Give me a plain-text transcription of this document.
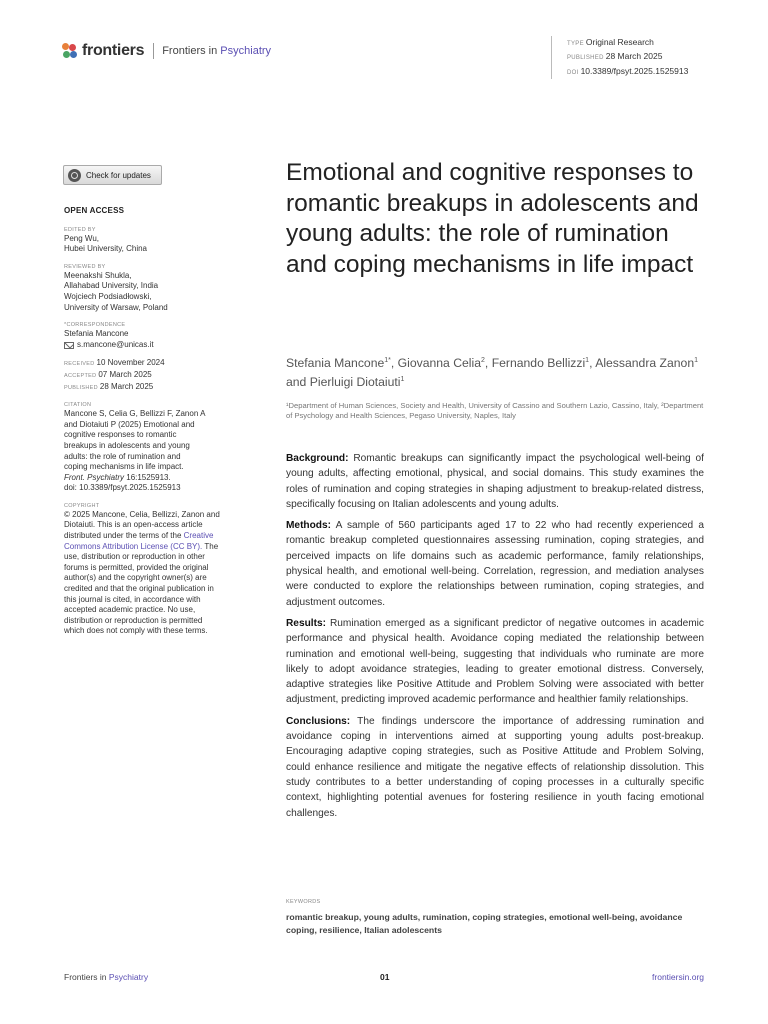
frontiers Frontiers in Psychiatry
TYPE Original Research
PUBLISHED 28 March 2025
DOI 10.3389/fpsyt.2025.1525913
Check for updates
OPEN ACCESS
EDITED BY
Peng Wu,
Hubei University, China
REVIEWED BY
Meenakshi Shukla,
Allahabad University, India
Wojciech Podsiadłowski,
University of Warsaw, Poland
*CORRESPONDENCE
Stefania Mancone
s.mancone@unicas.it
RECEIVED 10 November 2024
ACCEPTED 07 March 2025
PUBLISHED 28 March 2025
CITATION
Mancone S, Celia G, Bellizzi F, Zanon A
and Diotaiuti P (2025) Emotional and
cognitive responses to romantic
breakups in adolescents and young
adults: the role of rumination and
coping mechanisms in life impact.
Front. Psychiatry 16:1525913.
doi: 10.3389/fpsyt.2025.1525913
COPYRIGHT
© 2025 Mancone, Celia, Bellizzi, Zanon and
Diotaiuti. This is an open-access article
distributed under the terms of the Creative
Commons Attribution License (CC BY). The
use, distribution or reproduction in other
forums is permitted, provided the original
author(s) and the copyright owner(s) are
credited and that the original publication in
this journal is cited, in accordance with
accepted academic practice. No use,
distribution or reproduction is permitted
which does not comply with these terms.
Emotional and cognitive responses to romantic breakups in adolescents and young adults: the role of rumination and coping mechanisms in life impact
Stefania Mancone$^{1*}$, Giovanna Celia$^2$, Fernando Bellizzi$^1$, Alessandra Zanon$^1$ and Pierluigi Diotaiuti$^1$
¹Department of Human Sciences, Society and Health, University of Cassino and Southern Lazio, Cassino, Italy, ²Department of Psychology and Health Sciences, Pegaso University, Naples, Italy

Background: Romantic breakups can significantly impact the psychological well-being of young adults, affecting emotional, physical, and social domains. This study examines the roles of rumination and coping strategies in shaping adjustment to breakup-related distress, specifically focusing on Italian adolescents and young adults.

Methods: A sample of 560 participants aged 17 to 22 who had recently experienced a romantic breakup completed questionnaires assessing rumination, coping strategies, and perceived impacts on life domains such as academic performance, family relationships, physical health, and emotional well-being. Correlation, regression, and mediation analyses were conducted to explore the relationships between rumination, coping strategies, and adjustment outcomes.

Results: Rumination emerged as a significant predictor of negative outcomes in academic performance and physical health. Avoidance coping mediated the relationship between rumination and emotional well-being, suggesting that individuals who ruminate are more likely to adopt avoidance strategies, leading to greater emotional distress. Conversely, adaptive strategies like Positive Attitude and Problem Solving were associated with better adjustment, predicting improved academic performance and healthier family relationships.

Conclusions: The findings underscore the importance of addressing rumination and avoidance coping in interventions aimed at supporting young adults post-breakup. Encouraging adaptive coping strategies, such as Positive Attitude and Problem Solving, could enhance resilience and mitigate the negative effects of relationship dissolution. This study contributes to a better understanding of coping processes in a culturally specific context, highlighting potential avenues for fostering resilience in youth facing emotional challenges.

KEYWORDS
romantic breakup, young adults, rumination, coping strategies, emotional well-being, avoidance coping, resilience, Italian adolescents
Frontiers in Psychiatry	01	frontiersin.org
